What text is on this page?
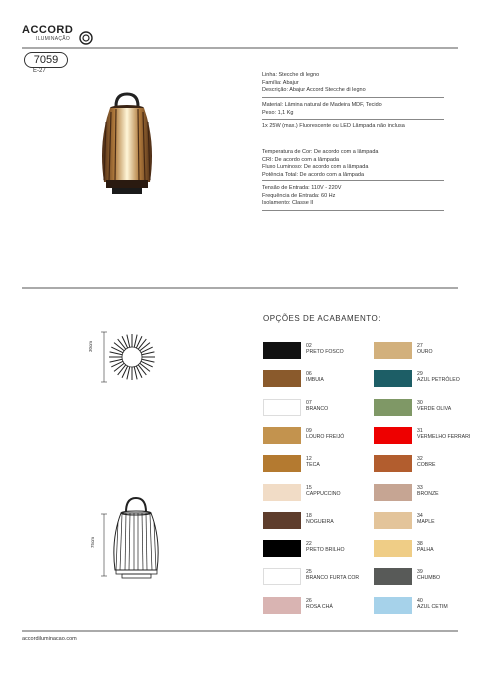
ACCORD
ILUMINAÇÃO
7059
E-27
Linha: Stecche di legno
Família: Abajur
Descrição: Abajur Accord Stecche di legno
Material: Lâmina natural de Madeira MDF, Tecido
Peso: 1,1 Kg
1x 25W (max.) Fluorescente ou LED Lâmpada não inclusa
Temperatura de Cor: De acordo com a lâmpada
CRI: De acordo com a lâmpada
Fluxo Luminoso: De acordo com a lâmpada
Potência Total: De acordo com a lâmpada
Tensão de Entrada: 110V - 220V
Frequência de Entrada: 60 Hz
Isolamento: Classe II
30cm
75cm
OPÇÕES DE ACABAMENTO:
02
PRETO FOSCO
06
IMBUIA
07
BRANCO
09
LOURO FREIJÓ
12
TECA
15
CAPPUCCINO
18
NOGUEIRA
22
PRETO BRILHO
25
BRANCO FURTA COR
26
ROSA CHÁ
27
OURO
29
AZUL PETRÓLEO
30
VERDE OLIVA
31
VERMELHO FERRARI
32
COBRE
33
BRONZE
34
MAPLE
38
PALHA
39
CHUMBO
40
AZUL CETIM
accordiluminacao.com
